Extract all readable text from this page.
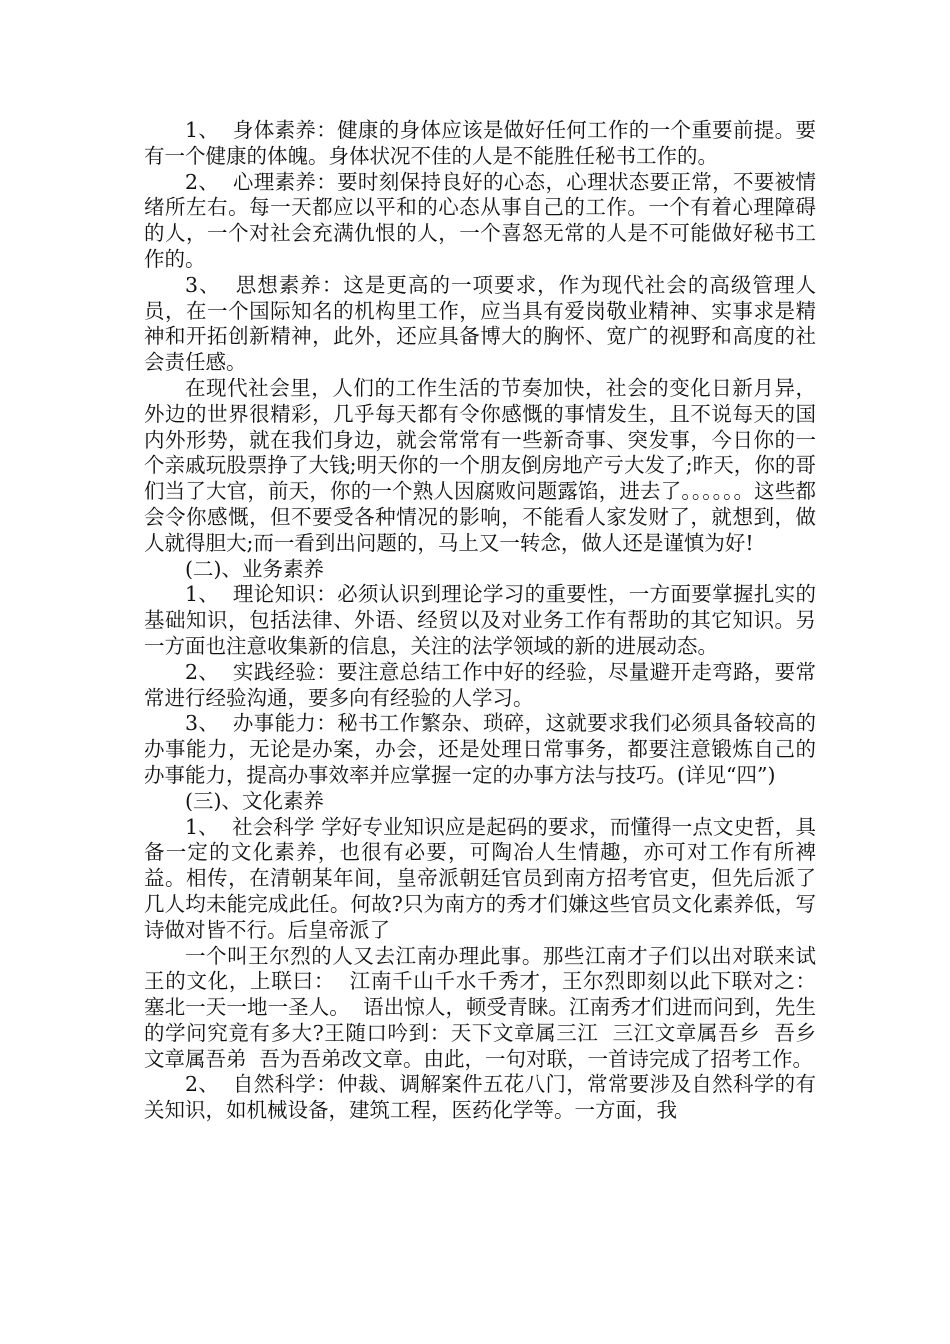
1、  身体素养：健康的身体应该是做好任何工作的一个重要前提。要有一个健康的体魄。身体状况不佳的人是不能胜任秘书工作的。

2、  心理素养：要时刻保持良好的心态，心理状态要正常，不要被情绪所左右。每一天都应以平和的心态从事自己的工作。一个有着心理障碍的人，一个对社会充满仇恨的人，一个喜怒无常的人是不可能做好秘书工作的。

3、  思想素养：这是更高的一项要求，作为现代社会的高级管理人员，在一个国际知名的机构里工作，应当具有爱岗敬业精神、实事求是精神和开拓创新精神，此外，还应具备博大的胸怀、宽广的视野和高度的社会责任感。

在现代社会里，人们的工作生活的节奏加快，社会的变化日新月异，外边的世界很精彩，几乎每天都有令你感慨的事情发生，且不说每天的国内外形势，就在我们身边，就会常常有一些新奇事、突发事，今日你的一个亲戚玩股票挣了大钱;明天你的一个朋友倒房地产亏大发了;昨天，你的哥们当了大官，前天，你的一个熟人因腐败问题露馅，进去了。。。。。。这些都会令你感慨，但不要受各种情况的影响，不能看人家发财了，就想到，做人就得胆大;而一看到出问题的，马上又一转念，做人还是谨慎为好!

(二)、业务素养

1、  理论知识：必须认识到理论学习的重要性，一方面要掌握扎实的基础知识，包括法律、外语、经贸以及对业务工作有帮助的其它知识。另一方面也注意收集新的信息，关注的法学领域的新的进展动态。

2、  实践经验：要注意总结工作中好的经验，尽量避开走弯路，要常常进行经验沟通，要多向有经验的人学习。

3、  办事能力：秘书工作繁杂、琐碎，这就要求我们必须具备较高的办事能力，无论是办案，办会，还是处理日常事务，都要注意锻炼自己的办事能力，提高办事效率并应掌握一定的办事方法与技巧。(详见“四”)

(三)、文化素养

1、  社会科学 学好专业知识应是起码的要求，而懂得一点文史哲，具备一定的文化素养，也很有必要，可陶冶人生情趣，亦可对工作有所裨益。相传，在清朝某年间，皇帝派朝廷官员到南方招考官吏，但先后派了几人均未能完成此任。何故?只为南方的秀才们嫌这些官员文化素养低，写诗做对皆不行。后皇帝派了

一个叫王尔烈的人又去江南办理此事。那些江南才子们以出对联来试王的文化，上联曰：  江南千山千水千秀才，王尔烈即刻以此下联对之：  塞北一天一地一圣人。  语出惊人，顿受青睐。江南秀才们进而问到，先生的学问究竟有多大?王随口吟到：天下文章属三江  三江文章属吾乡  吾乡文章属吾弟  吾为吾弟改文章。由此，一句对联，一首诗完成了招考工作。

2、  自然科学：仲裁、调解案件五花八门，常常要涉及自然科学的有关知识，如机械设备，建筑工程，医药化学等。一方面，我
